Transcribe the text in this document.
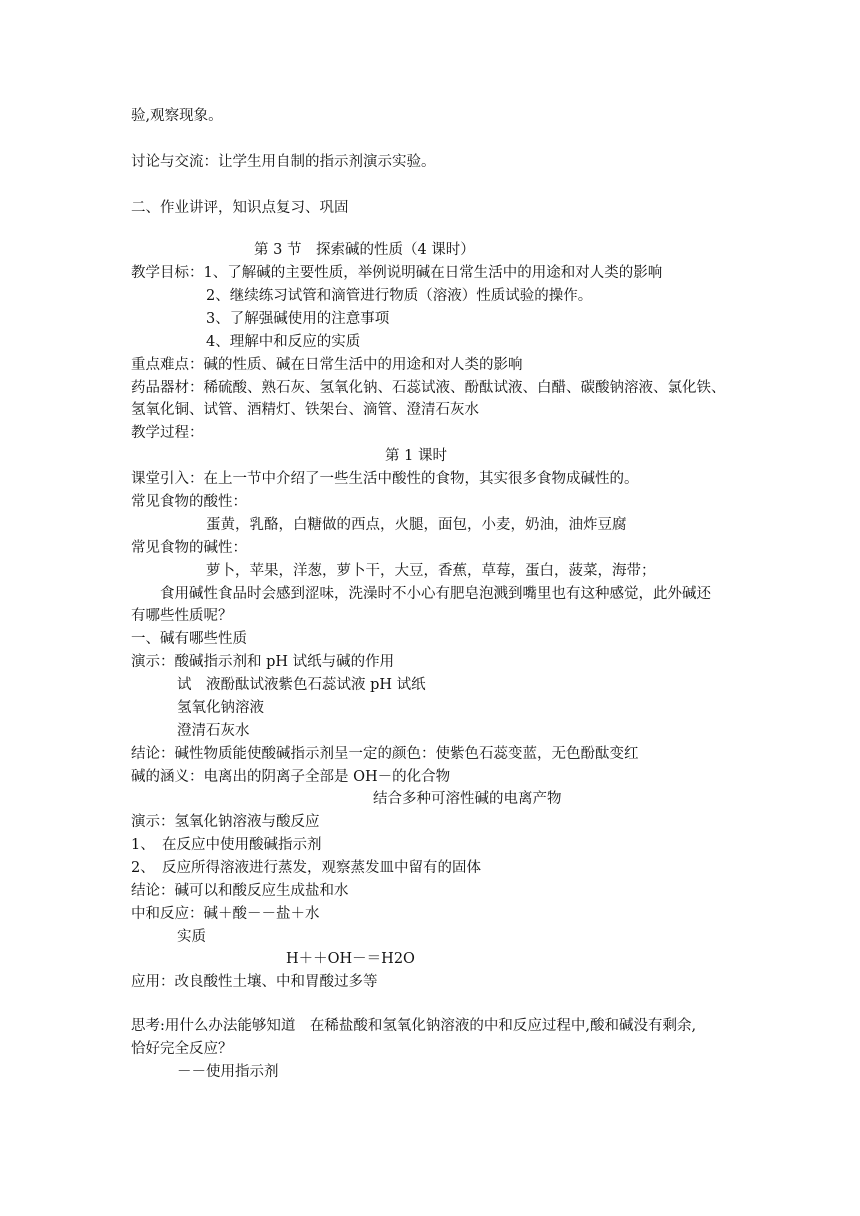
验,观察现象。
讨论与交流：让学生用自制的指示剂演示实验。
二、作业讲评，知识点复习、巩固
第 3 节　探索碱的性质（4 课时）
教学目标：1、了解碱的主要性质，举例说明碱在日常生活中的用途和对人类的影响
2、继续练习试管和滴管进行物质（溶液）性质试验的操作。
3、了解强碱使用的注意事项
4、理解中和反应的实质
重点难点：碱的性质、碱在日常生活中的用途和对人类的影响
药品器材：稀硫酸、熟石灰、氢氧化钠、石蕊试液、酚酞试液、白醋、碳酸钠溶液、氯化铁、
氢氧化铜、试管、酒精灯、铁架台、滴管、澄清石灰水
教学过程：
第 1 课时
课堂引入：在上一节中介绍了一些生活中酸性的食物，其实很多食物成碱性的。
常见食物的酸性：
蛋黄，乳酪，白糖做的西点，火腿，面包，小麦，奶油，油炸豆腐
常见食物的碱性：
萝卜，苹果，洋葱，萝卜干，大豆，香蕉，草莓，蛋白，菠菜，海带；
食用碱性食品时会感到涩味，洗澡时不小心有肥皂泡溅到嘴里也有这种感觉，此外碱还
有哪些性质呢？
一、碱有哪些性质
演示：酸碱指示剂和 pH 试纸与碱的作用
试　液酚酞试液紫色石蕊试液 pH 试纸
氢氧化钠溶液
澄清石灰水
结论：碱性物质能使酸碱指示剂呈一定的颜色：使紫色石蕊变蓝，无色酚酞变红
碱的涵义：电离出的阴离子全部是 OH－的化合物
结合多种可溶性碱的电离产物
演示：氢氧化钠溶液与酸反应
1、　在反应中使用酸碱指示剂
2、　反应所得溶液进行蒸发，观察蒸发皿中留有的固体
结论：碱可以和酸反应生成盐和水
中和反应：碱＋酸－－盐＋水
实质
H＋＋OH－＝H2O
应用：改良酸性土壤、中和胃酸过多等
思考:用什么办法能够知道　在稀盐酸和氢氧化钠溶液的中和反应过程中,酸和碱没有剩余,
恰好完全反应？
－－使用指示剂
